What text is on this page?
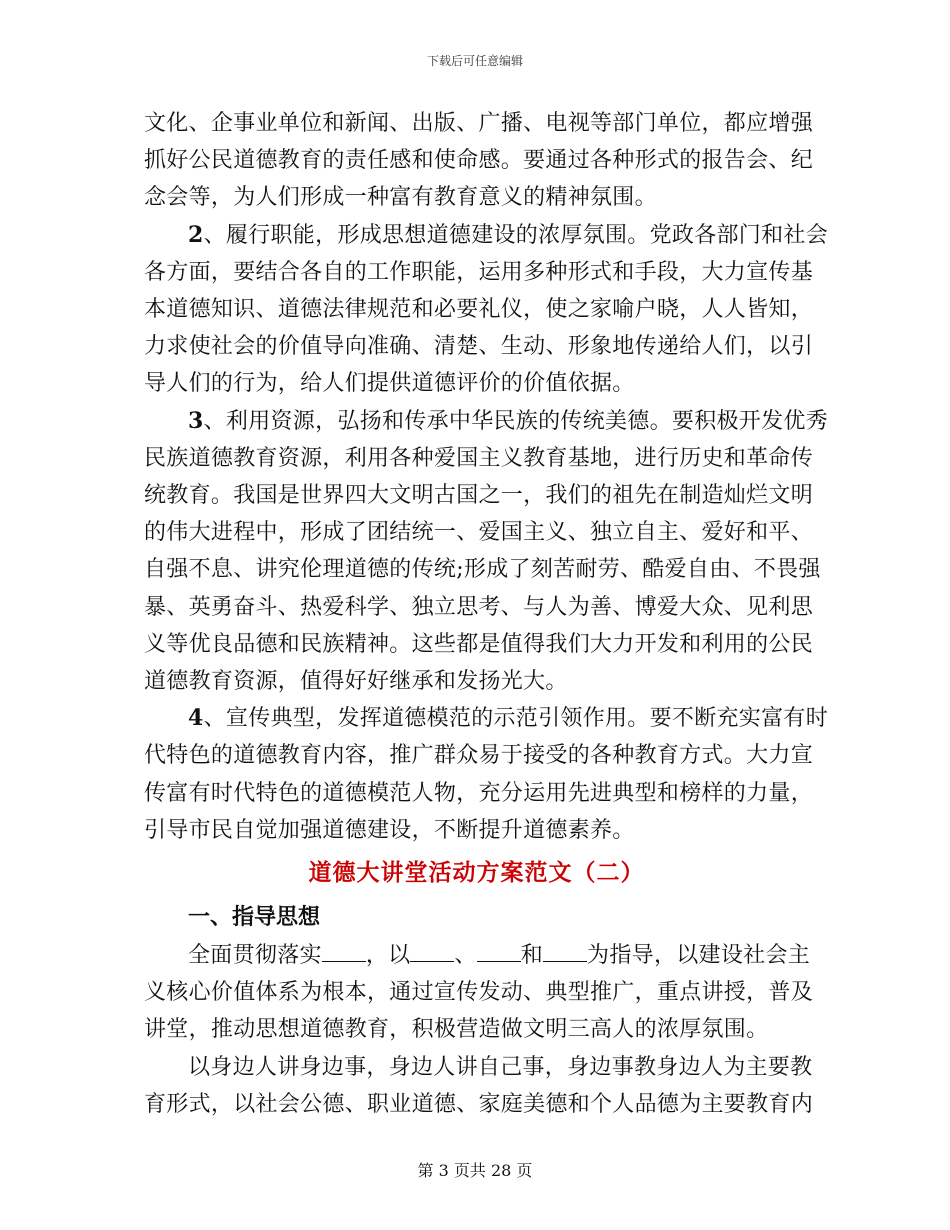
下载后可任意编辑
文化、企事业单位和新闻、出版、广播、电视等部门单位，都应增强
抓好公民道德教育的责任感和使命感。要通过各种形式的报告会、纪
念会等，为人们形成一种富有教育意义的精神氛围。
2、履行职能，形成思想道德建设的浓厚氛围。党政各部门和社会
各方面，要结合各自的工作职能，运用多种形式和手段，大力宣传基
本道德知识、道德法律规范和必要礼仪，使之家喻户晓，人人皆知，
力求使社会的价值导向准确、清楚、生动、形象地传递给人们，以引
导人们的行为，给人们提供道德评价的价值依据。
3、利用资源，弘扬和传承中华民族的传统美德。要积极开发优秀
民族道德教育资源，利用各种爱国主义教育基地，进行历史和革命传
统教育。我国是世界四大文明古国之一，我们的祖先在制造灿烂文明
的伟大进程中，形成了团结统一、爱国主义、独立自主、爱好和平、
自强不息、讲究伦理道德的传统;形成了刻苦耐劳、酷爱自由、不畏强
暴、英勇奋斗、热爱科学、独立思考、与人为善、博爱大众、见利思
义等优良品德和民族精神。这些都是值得我们大力开发和利用的公民
道德教育资源，值得好好继承和发扬光大。
4、宣传典型，发挥道德模范的示范引领作用。要不断充实富有时
代特色的道德教育内容，推广群众易于接受的各种教育方式。大力宣
传富有时代特色的道德模范人物，充分运用先进典型和榜样的力量，
引导市民自觉加强道德建设，不断提升道德素养。
道德大讲堂活动方案范文（二）
一、指导思想
全面贯彻落实 ，以 、 和 为指导，以建设社会主
义核心价值体系为根本，通过宣传发动、典型推广，重点讲授，普及
讲堂，推动思想道德教育，积极营造做文明三高人的浓厚氛围。
以身边人讲身边事，身边人讲自己事，身边事教身边人为主要教
育形式，以社会公德、职业道德、家庭美德和个人品德为主要教育内
第 3 页共 28 页
